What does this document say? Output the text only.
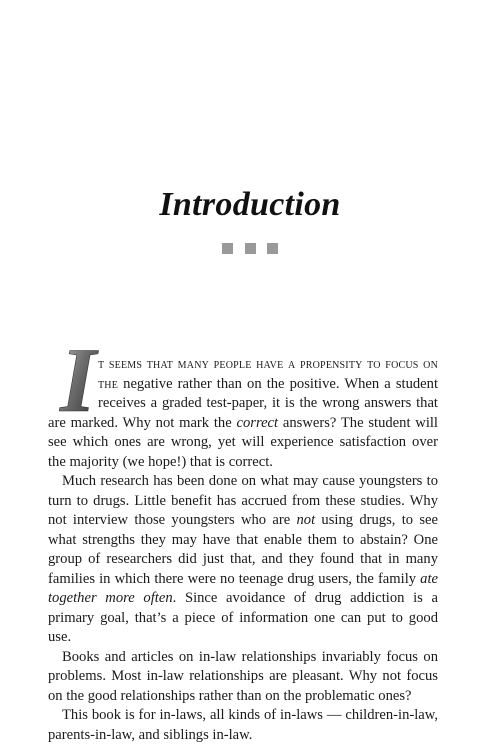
Introduction

I t seems that many people have a propensity to focus on the negative rather than on the positive. When a student receives a graded test-paper, it is the wrong answers that are marked. Why not mark the correct answers? The student will see which ones are wrong, yet will experience satisfaction over the majority (we hope!) that is correct.

Much research has been done on what may cause youngsters to turn to drugs. Little benefit has accrued from these studies. Why not interview those youngsters who are not using drugs, to see what strengths they may have that enable them to abstain? One group of researchers did just that, and they found that in many families in which there were no teenage drug users, the family ate together more often. Since avoidance of drug addiction is a primary goal, that’s a piece of information one can put to good use.

Books and articles on in-law relationships invariably focus on problems. Most in-law relationships are pleasant. Why not focus on the good relationships rather than on the problematic ones?

This book is for in-laws, all kinds of in-laws — children-in-law, parents-in-law, and siblings in-law.
